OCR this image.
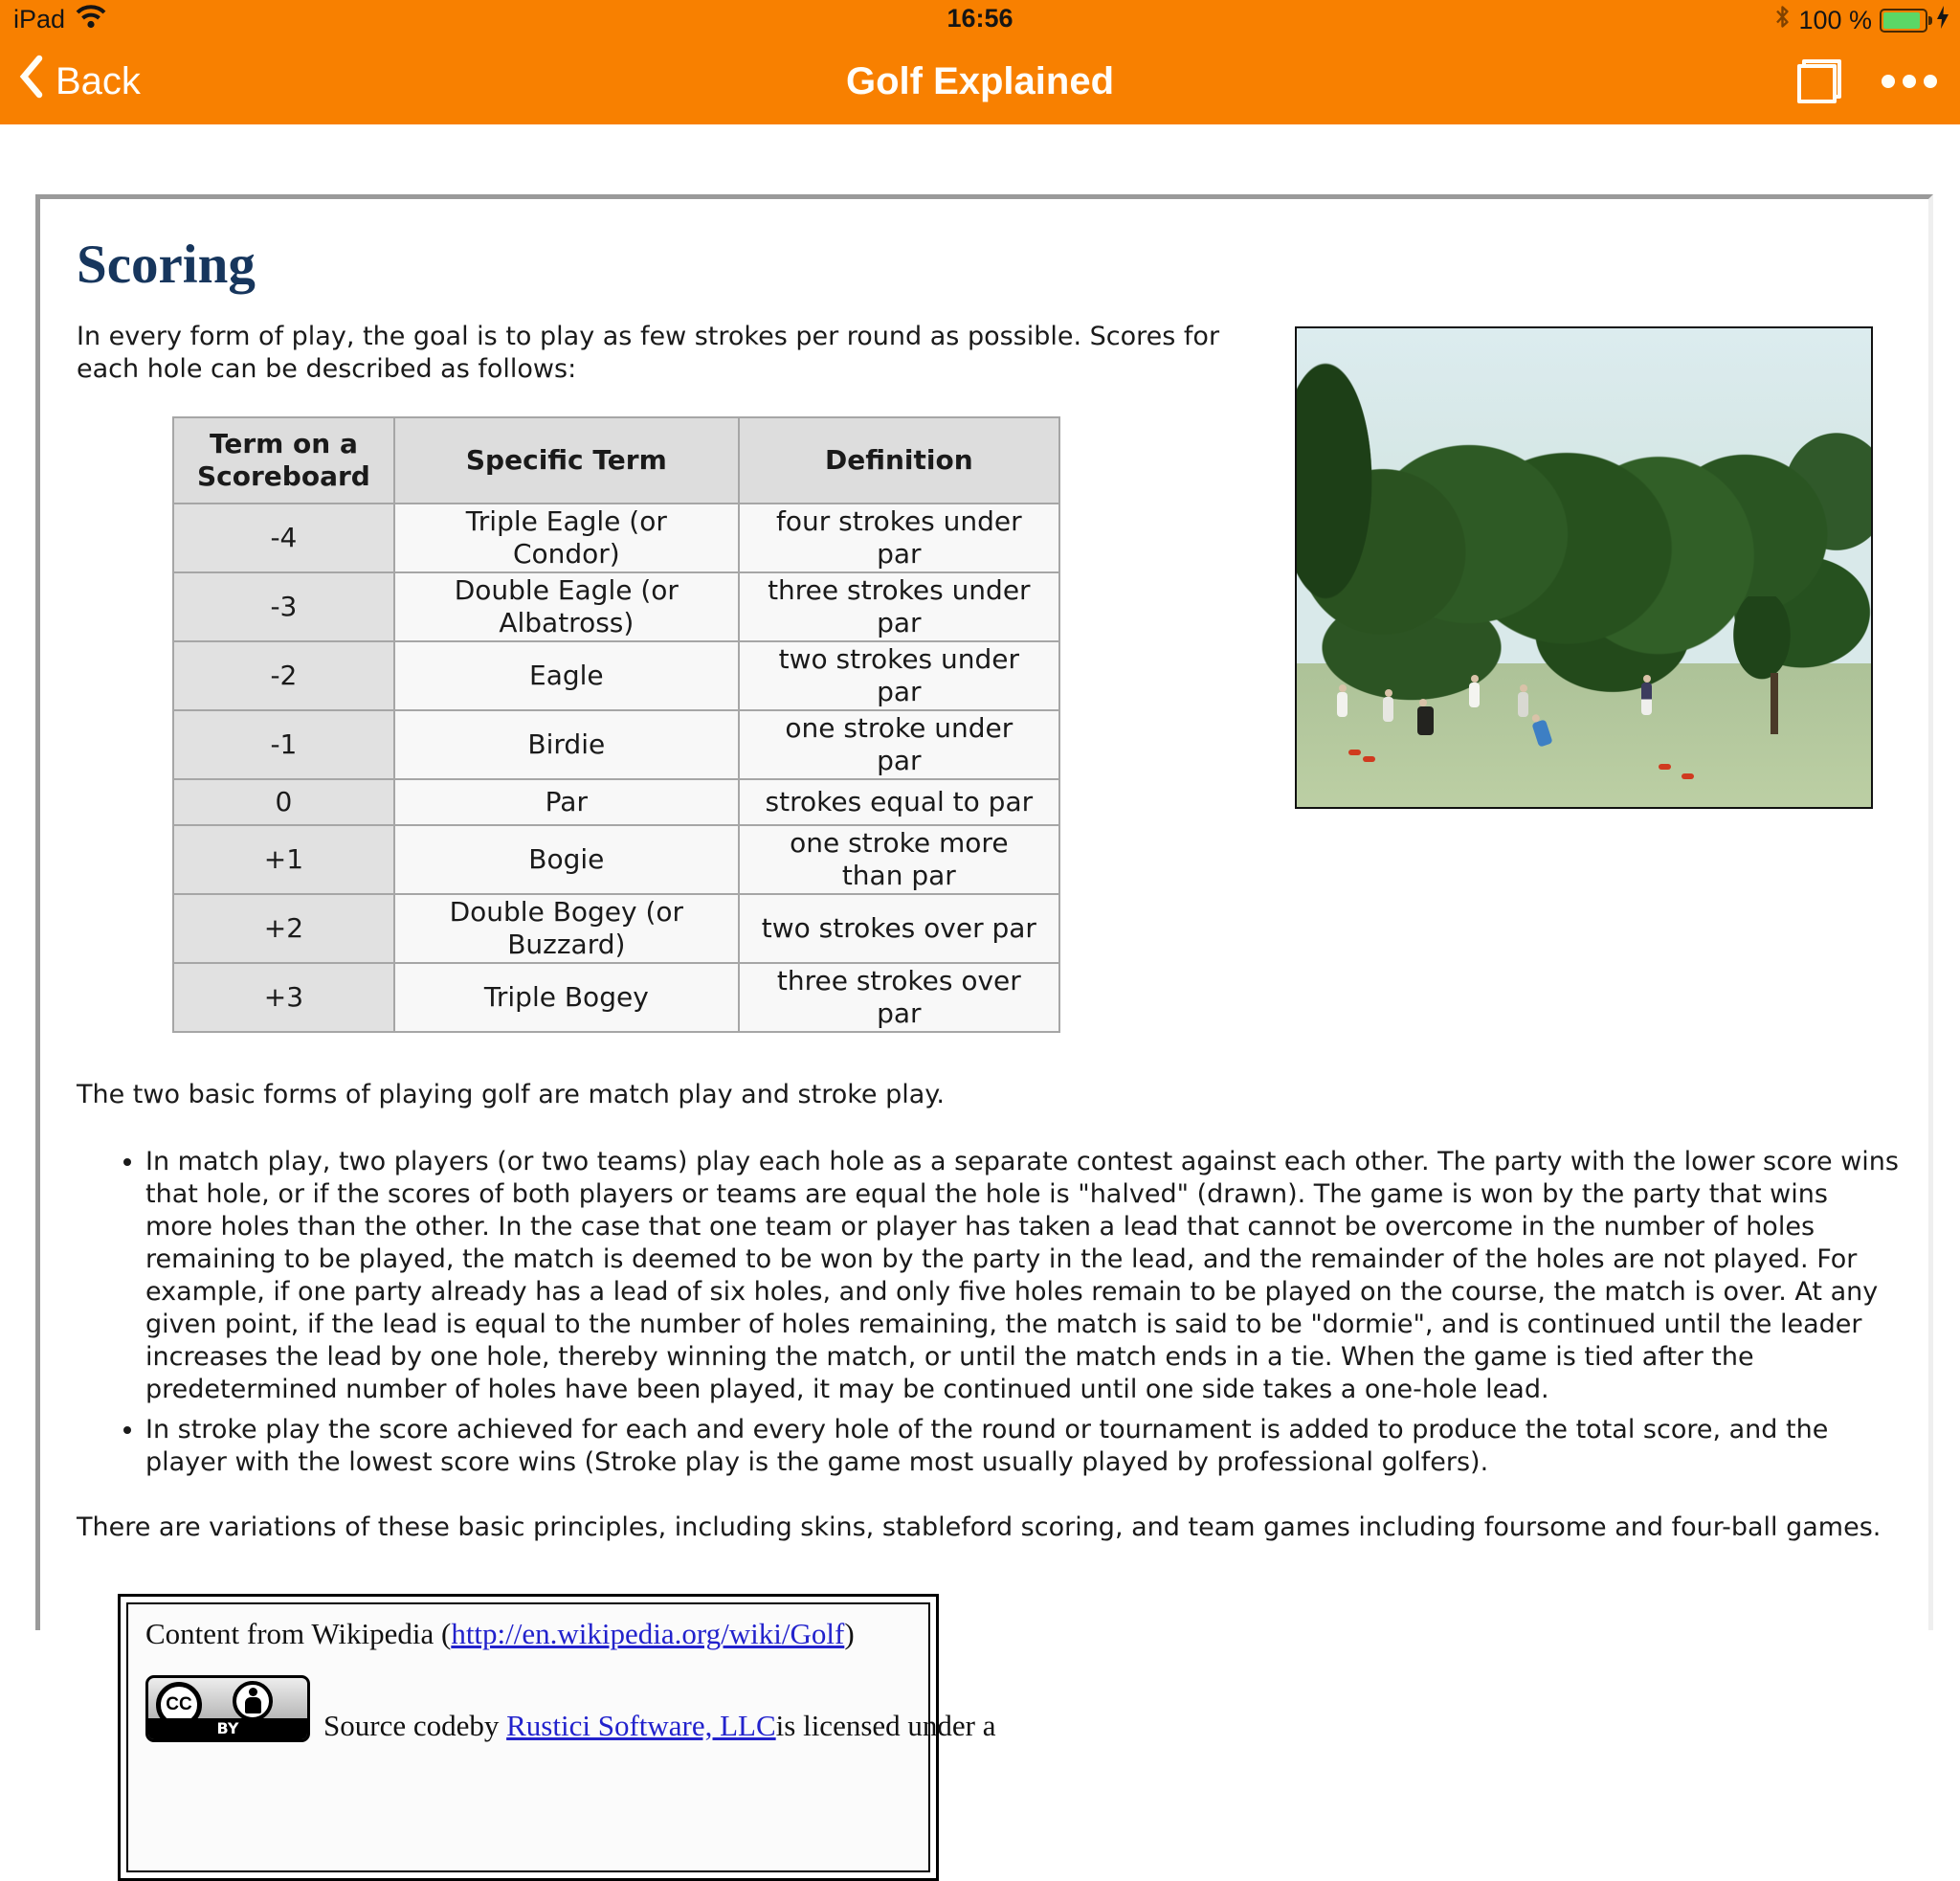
iPad	16:56	100 %
Back	Golf Explained
Scoring

In every form of play, the goal is to play as few strokes per round as possible. Scores for each hole can be described as follows:

Term on a Scoreboard	Specific Term	Definition
-4	Triple Eagle (or Condor)	four strokes under par
-3	Double Eagle (or Albatross)	three strokes under par
-2	Eagle	two strokes under par
-1	Birdie	one stroke under par
0	Par	strokes equal to par
+1	Bogie	one stroke more than par
+2	Double Bogey (or Buzzard)	two strokes over par
+3	Triple Bogey	three strokes over par

The two basic forms of playing golf are match play and stroke play.

• In match play, two players (or two teams) play each hole as a separate contest against each other. The party with the lower score wins that hole, or if the scores of both players or teams are equal the hole is "halved" (drawn). The game is won by the party that wins more holes than the other. In the case that one team or player has taken a lead that cannot be overcome in the number of holes remaining to be played, the match is deemed to be won by the party in the lead, and the remainder of the holes are not played. For example, if one party already has a lead of six holes, and only five holes remain to be played on the course, the match is over. At any given point, if the lead is equal to the number of holes remaining, the match is said to be "dormie", and is continued until the leader increases the lead by one hole, thereby winning the match, or until the match ends in a tie. When the game is tied after the predetermined number of holes have been played, it may be continued until one side takes a one-hole lead.
• In stroke play the score achieved for each and every hole of the round or tournament is added to produce the total score, and the player with the lowest score wins (Stroke play is the game most usually played by professional golfers).

There are variations of these basic principles, including skins, stableford scoring, and team games including foursome and four-ball games.

Content from Wikipedia (http://en.wikipedia.org/wiki/Golf)
CC
BY	Source codeby Rustici Software, LLCis licensed under a
